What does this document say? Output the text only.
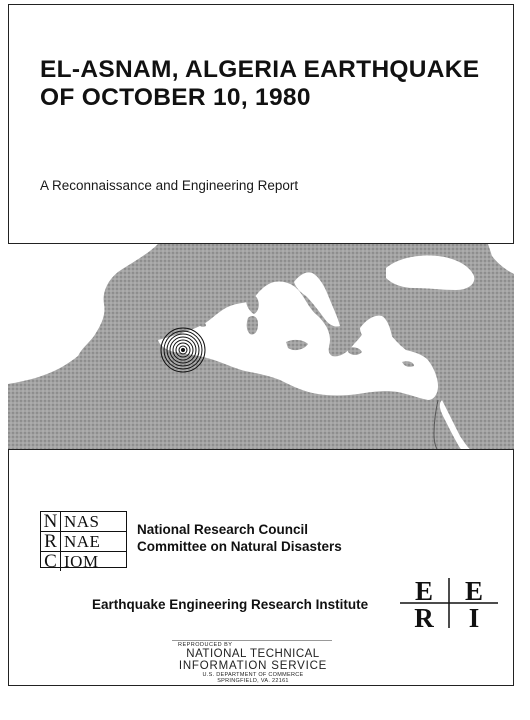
EL-ASNAM, ALGERIA EARTHQUAKE
OF OCTOBER 10, 1980
A Reconnaissance and Engineering Report
N NAS
R NAE
C IOM
National Research Council
Committee on Natural Disasters
Earthquake Engineering Research Institute E E
R I
REPRODUCED BY
NATIONAL TECHNICAL
INFORMATION SERVICE
U.S. DEPARTMENT OF COMMERCE
SPRINGFIELD, VA. 22161
